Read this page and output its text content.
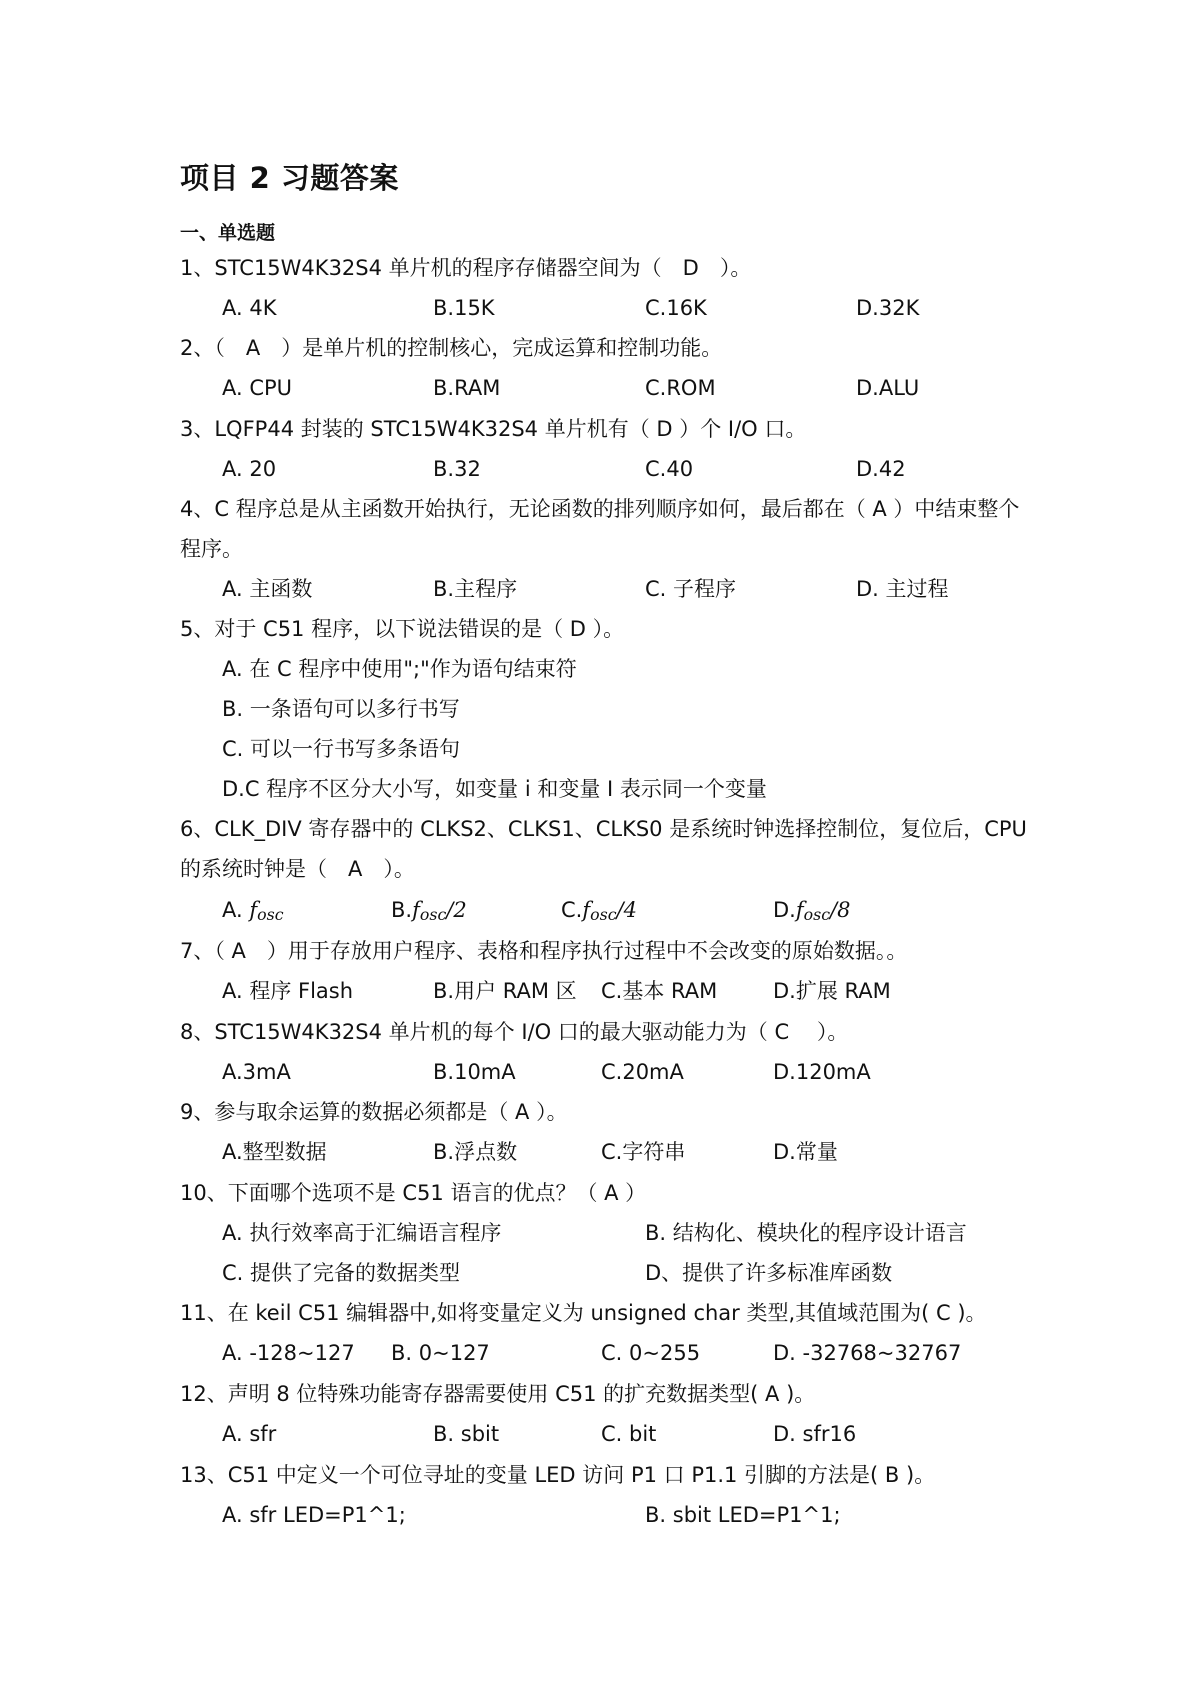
项目 2 习题答案
一、单选题
1、STC15W4K32S4 单片机的程序存储器空间为（　D　）。
A. 4K	B.15K	C.16K	D.32K
2、（　A　）是单片机的控制核心，完成运算和控制功能。
A. CPU	B.RAM	C.ROM	D.ALU
3、LQFP44 封装的 STC15W4K32S4 单片机有（ D ）个 I/O 口。
A. 20	B.32	C.40	D.42
4、C 程序总是从主函数开始执行，无论函数的排列顺序如何，最后都在（ A ）中结束整个
程序。
A. 主函数	B.主程序	C. 子程序	D. 主过程
5、对于 C51 程序，以下说法错误的是（ D ）。
A. 在 C 程序中使用";"作为语句结束符
B. 一条语句可以多行书写
C. 可以一行书写多条语句
D.C 程序不区分大小写，如变量 i 和变量 I 表示同一个变量
6、CLK_DIV 寄存器中的 CLKS2、CLKS1、CLKS0 是系统时钟选择控制位，复位后，CPU
的系统时钟是（　A　）。
A. $f_{osc}$	$B.f_{osc}/2$	$C.f_{osc}/4$	$D.f_{osc}/8$
7、（ A　）用于存放用户程序、表格和程序执行过程中不会改变的原始数据。。
A. 程序 Flash	B.用户 RAM 区 C.基本 RAM	D.扩展 RAM
8、STC15W4K32S4 单片机的每个 I/O 口的最大驱动能力为（ C　 ）。
A.3mA	B.10mA	C.20mA	D.120mA
9、参与取余运算的数据必须都是（ A ）。
A.整型数据	B.浮点数	C.字符串	D.常量
10、下面哪个选项不是 C51 语言的优点？（ A ）
A. 执行效率高于汇编语言程序	B. 结构化、模块化的程序设计语言
C. 提供了完备的数据类型	D、提供了许多标准库函数
11、在 keil C51 编辑器中,如将变量定义为 unsigned char 类型,其值域范围为( C )。
A. -128~127 B. 0~127	C. 0~255	D. -32768~32767
12、声明 8 位特殊功能寄存器需要使用 C51 的扩充数据类型( A )。
A. sfr	B. sbit	C. bit	D. sfr16
13、C51 中定义一个可位寻址的变量 LED 访问 P1 口 P1.1 引脚的方法是( B )。
A. sfr LED=P1^1;	B. sbit LED=P1^1;
